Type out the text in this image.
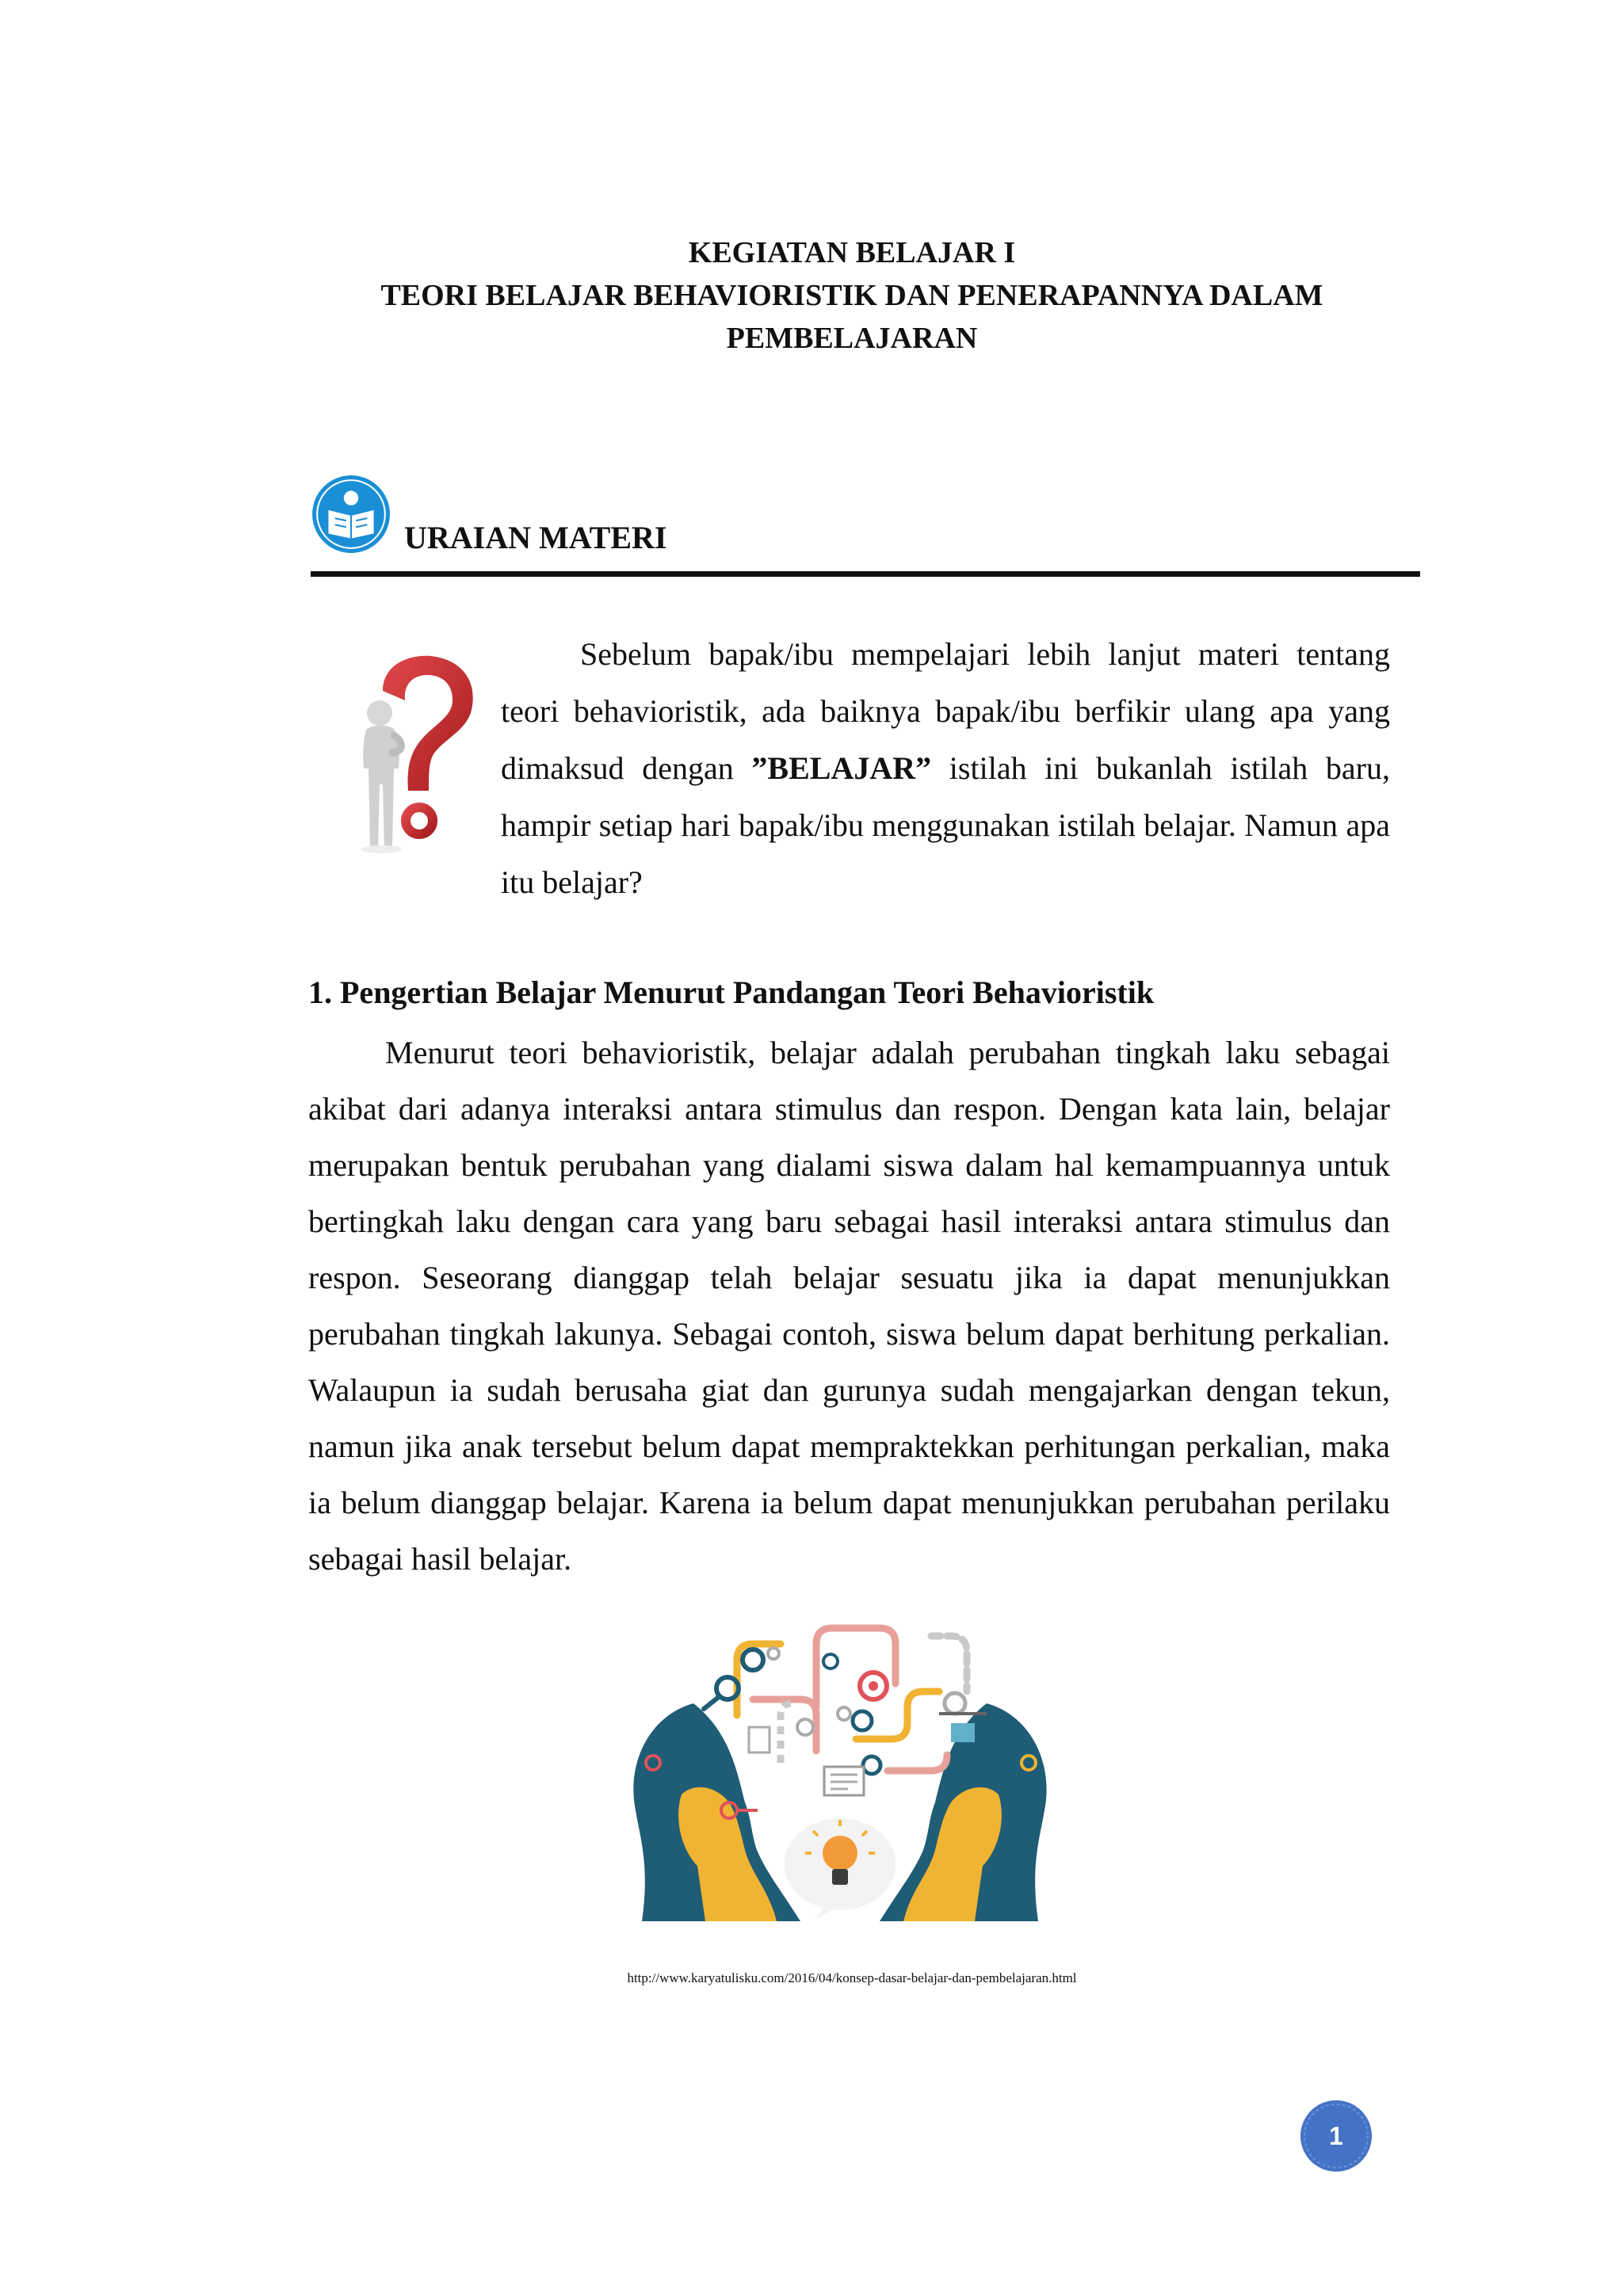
KEGIATAN BELAJAR I
TEORI BELAJAR BEHAVIORISTIK DAN PENERAPANNYA DALAM
PEMBELAJARAN
URAIAN MATERI
Sebelum bapak/ibu mempelajari lebih lanjut materi tentang teori behavioristik, ada baiknya bapak/ibu berfikir ulang apa yang dimaksud dengan ”BELAJAR” istilah ini bukanlah istilah baru, hampir setiap hari bapak/ibu menggunakan istilah belajar. Namun apa itu belajar?
1. Pengertian Belajar Menurut Pandangan Teori Behavioristik
Menurut teori behavioristik, belajar adalah perubahan tingkah laku sebagai akibat dari adanya interaksi antara stimulus dan respon. Dengan kata lain, belajar merupakan bentuk perubahan yang dialami siswa dalam hal kemampuannya untuk bertingkah laku dengan cara yang baru sebagai hasil interaksi antara stimulus dan respon. Seseorang dianggap telah belajar sesuatu jika ia dapat menunjukkan perubahan tingkah lakunya. Sebagai contoh, siswa belum dapat berhitung perkalian. Walaupun ia sudah berusaha giat dan gurunya sudah mengajarkan dengan tekun, namun jika anak tersebut belum dapat mempraktekkan perhitungan perkalian, maka ia belum dianggap belajar. Karena ia belum dapat menunjukkan perubahan perilaku sebagai hasil belajar.
http://www.karyatulisku.com/2016/04/konsep-dasar-belajar-dan-pembelajaran.html
1
